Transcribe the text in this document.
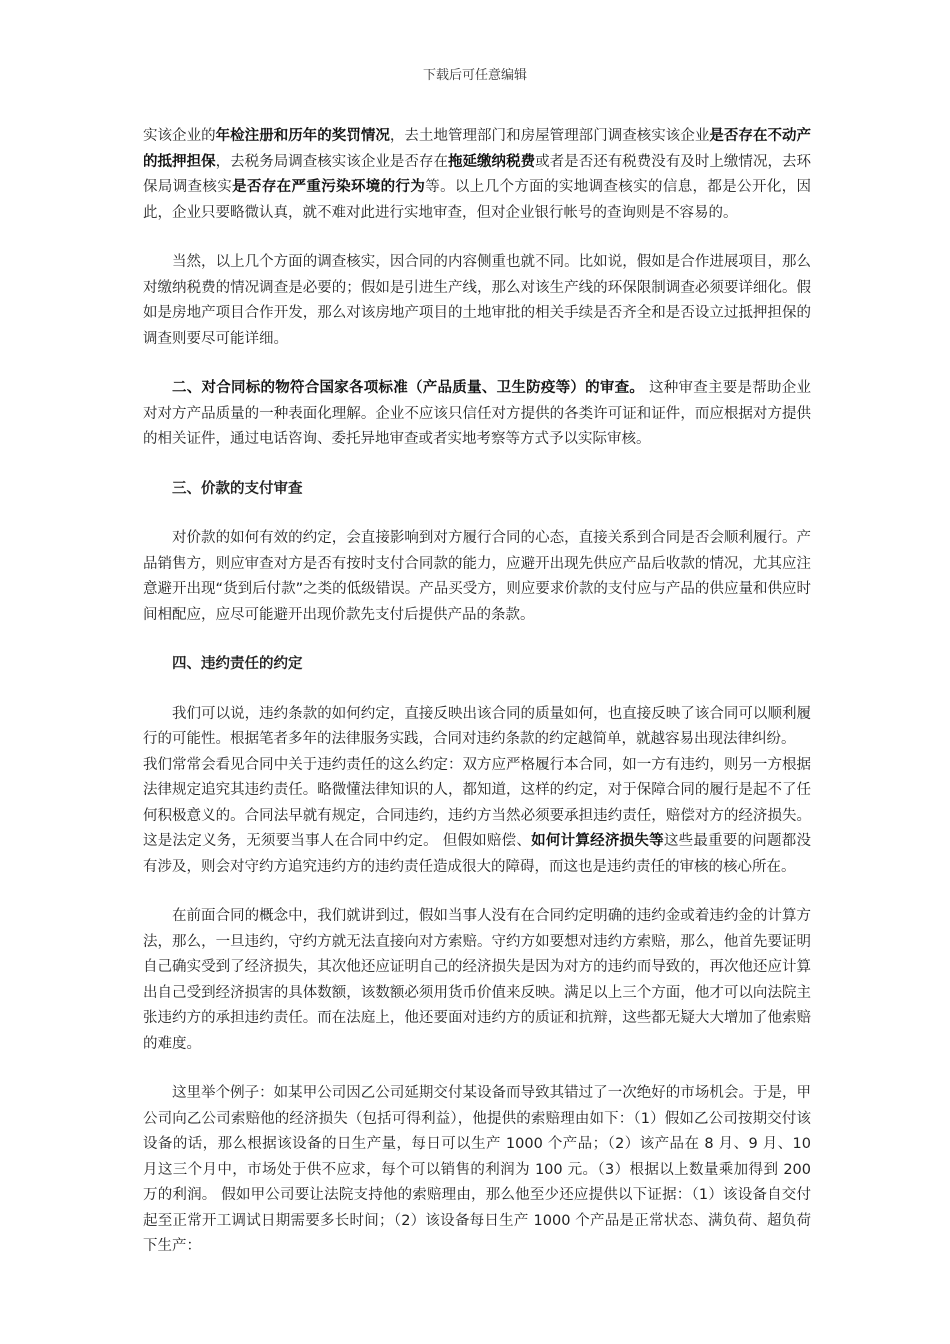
下载后可任意编辑

实该企业的年检注册和历年的奖罚情况，去土地管理部门和房屋管理部门调查核实该企业是否存在不动产的抵押担保，去税务局调查核实该企业是否存在拖延缴纳税费或者是否还有税费没有及时上缴情况，去环保局调查核实是否存在严重污染环境的行为等。以上几个方面的实地调查核实的信息，都是公开化，因此，企业只要略微认真，就不难对此进行实地审查，但对企业银行帐号的查询则是不容易的。

当然，以上几个方面的调查核实，因合同的内容侧重也就不同。比如说，假如是合作进展项目，那么对缴纳税费的情况调查是必要的；假如是引进生产线，那么对该生产线的环保限制调查必须要详细化。假如是房地产项目合作开发，那么对该房地产项目的土地审批的相关手续是否齐全和是否设立过抵押担保的调查则要尽可能详细。

二、对合同标的物符合国家各项标准（产品质量、卫生防疫等）的审查。 这种审查主要是帮助企业对对方产品质量的一种表面化理解。企业不应该只信任对方提供的各类许可证和证件，而应根据对方提供的相关证件，通过电话咨询、委托异地审查或者实地考察等方式予以实际审核。

三、价款的支付审查

对价款的如何有效的约定，会直接影响到对方履行合同的心态，直接关系到合同是否会顺利履行。产品销售方，则应审查对方是否有按时支付合同款的能力，应避开出现先供应产品后收款的情况，尤其应注意避开出现“货到后付款”之类的低级错误。产品买受方，则应要求价款的支付应与产品的供应量和供应时间相配应，应尽可能避开出现价款先支付后提供产品的条款。

四、违约责任的约定

我们可以说，违约条款的如何约定，直接反映出该合同的质量如何，也直接反映了该合同可以顺利履行的可能性。根据笔者多年的法律服务实践，合同对违约条款的约定越简单，就越容易出现法律纠纷。

我们常常会看见合同中关于违约责任的这么约定：双方应严格履行本合同，如一方有违约，则另一方根据法律规定追究其违约责任。略微懂法律知识的人，都知道，这样的约定，对于保障合同的履行是起不了任何积极意义的。合同法早就有规定，合同违约，违约方当然必须要承担违约责任，赔偿对方的经济损失。这是法定义务，无须要当事人在合同中约定。 但假如赔偿、如何计算经济损失等这些最重要的问题都没有涉及，则会对守约方追究违约方的违约责任造成很大的障碍，而这也是违约责任的审核的核心所在。

在前面合同的概念中，我们就讲到过，假如当事人没有在合同约定明确的违约金或着违约金的计算方法，那么，一旦违约，守约方就无法直接向对方索赔。守约方如要想对违约方索赔，那么，他首先要证明自己确实受到了经济损失，其次他还应证明自己的经济损失是因为对方的违约而导致的，再次他还应计算出自己受到经济损害的具体数额，该数额必须用货币价值来反映。满足以上三个方面，他才可以向法院主张违约方的承担违约责任。而在法庭上，他还要面对违约方的质证和抗辩，这些都无疑大大增加了他索赔的难度。

这里举个例子：如某甲公司因乙公司延期交付某设备而导致其错过了一次绝好的市场机会。于是，甲公司向乙公司索赔他的经济损失（包括可得利益），他提供的索赔理由如下：（1）假如乙公司按期交付该设备的话，那么根据该设备的日生产量，每日可以生产 1000 个产品；（2）该产品在 8 月、9 月、10 月这三个月中，市场处于供不应求，每个可以销售的利润为 100 元。（3）根据以上数量乘加得到 200 万的利润。 假如甲公司要让法院支持他的索赔理由，那么他至少还应提供以下证据：（1）该设备自交付起至正常开工调试日期需要多长时间；（2）该设备每日生产 1000 个产品是正常状态、满负荷、超负荷下生产：
